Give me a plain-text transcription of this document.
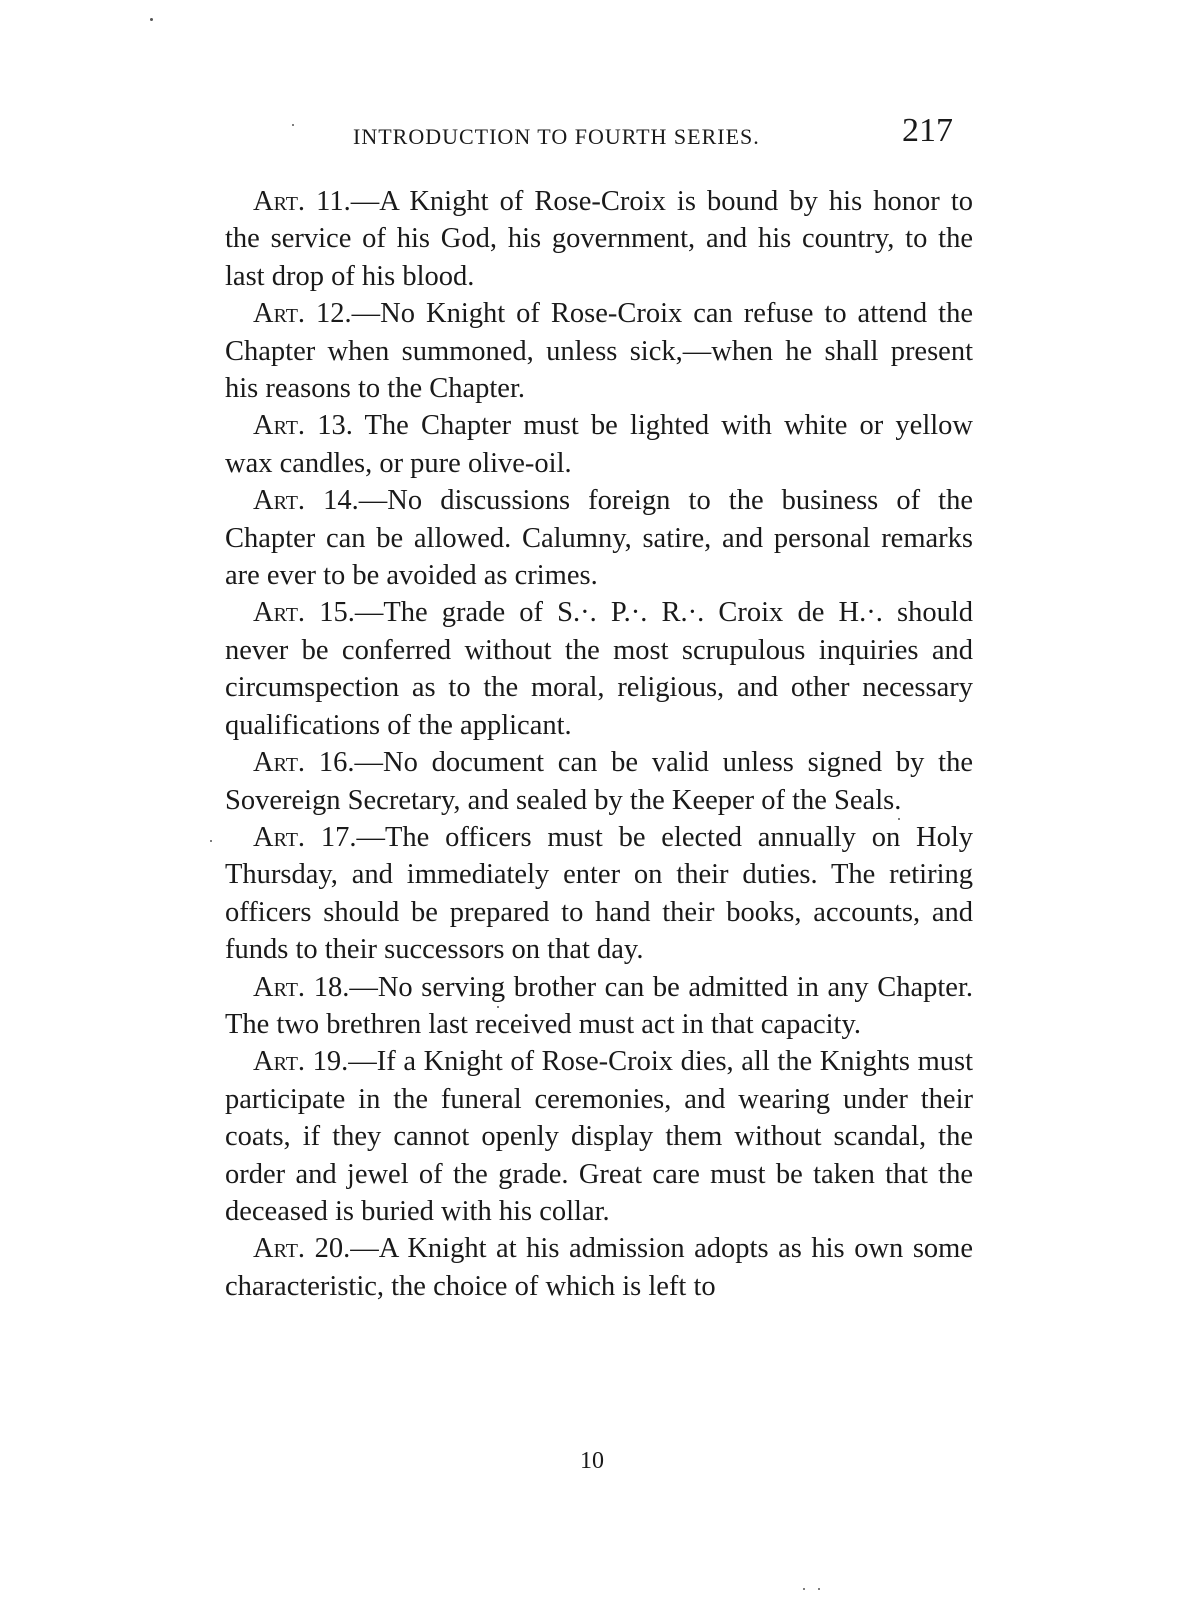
INTRODUCTION TO FOURTH SERIES.	217

Art. 11.—A Knight of Rose-Croix is bound by his honor to the service of his God, his government, and his country, to the last drop of his blood.

Art. 12.—No Knight of Rose-Croix can refuse to attend the Chapter when summoned, unless sick,—when he shall present his reasons to the Chapter.

Art. 13. The Chapter must be lighted with white or yellow wax candles, or pure olive-oil.

Art. 14.—No discussions foreign to the business of the Chapter can be allowed. Calumny, satire, and personal remarks are ever to be avoided as crimes.

Art. 15.—The grade of S.·. P.·. R.·. Croix de H.·. should never be conferred without the most scrupulous inquiries and circumspection as to the moral, religious, and other necessary qualifications of the applicant.

Art. 16.—No document can be valid unless signed by the Sovereign Secretary, and sealed by the Keeper of the Seals.

Art. 17.—The officers must be elected annually on Holy Thursday, and immediately enter on their duties. The retiring officers should be prepared to hand their books, accounts, and funds to their successors on that day.

Art. 18.—No serving brother can be admitted in any Chapter. The two brethren last received must act in that capacity.

Art. 19.—If a Knight of Rose-Croix dies, all the Knights must participate in the funeral ceremonies, and wearing under their coats, if they cannot openly display them without scandal, the order and jewel of the grade. Great care must be taken that the deceased is buried with his collar.

Art. 20.—A Knight at his admission adopts as his own some characteristic, the choice of which is left to

10
